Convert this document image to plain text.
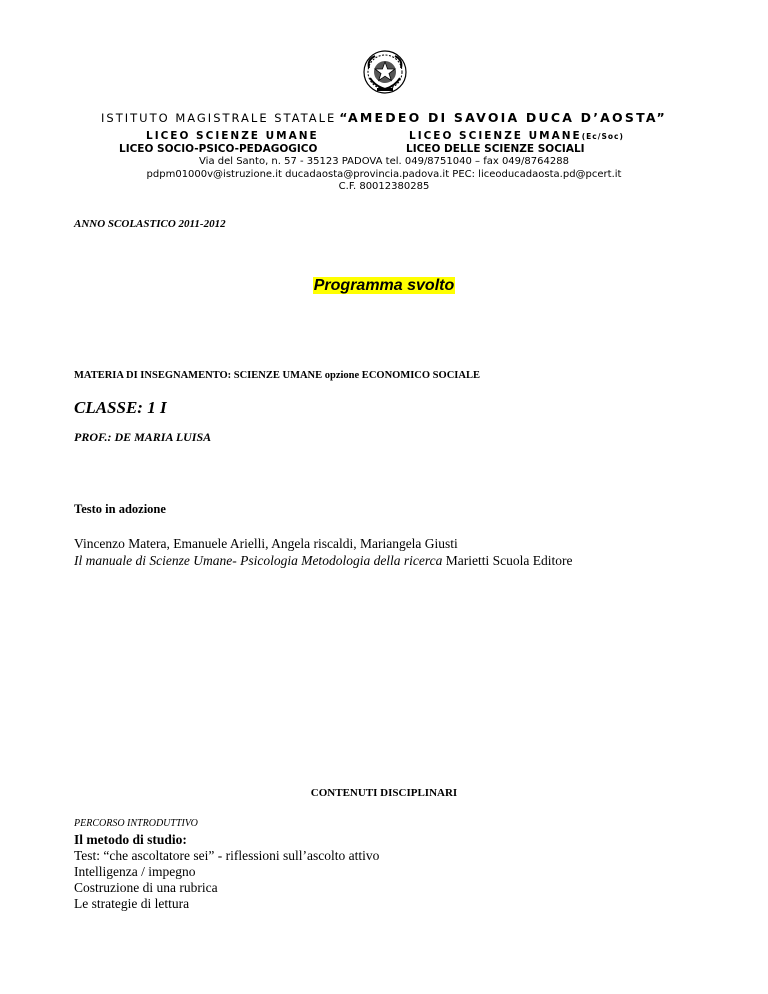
ISTITUTO MAGISTRALE STATALE “AMEDEO DI SAVOIA DUCA D’AOSTA”
LICEO SCIENZE UMANE	LICEO SCIENZE UMANE(Ec/Soc)
LICEO SOCIO-PSICO-PEDAGOGICO	LICEO DELLE SCIENZE SOCIALI
Via del Santo, n. 57 - 35123 PADOVA tel. 049/8751040 – fax 049/8764288
pdpm01000v@istruzione.it ducadaosta@provincia.padova.it PEC: liceoducadaosta.pd@pcert.it
C.F. 80012380285
ANNO SCOLASTICO 2011-2012
Programma svolto
MATERIA DI INSEGNAMENTO: SCIENZE UMANE opzione ECONOMICO SOCIALE
CLASSE: 1 I
PROF.: DE MARIA LUISA
Testo in adozione
Vincenzo Matera, Emanuele Arielli, Angela riscaldi, Mariangela Giusti
Il manuale di Scienze Umane- Psicologia Metodologia della ricerca Marietti Scuola Editore
CONTENUTI DISCIPLINARI
PERCORSO INTRODUTTIVO
Il metodo di studio:
Test: “che ascoltatore sei” - riflessioni sull’ascolto attivo
Intelligenza / impegno
Costruzione di una rubrica
Le strategie di lettura
